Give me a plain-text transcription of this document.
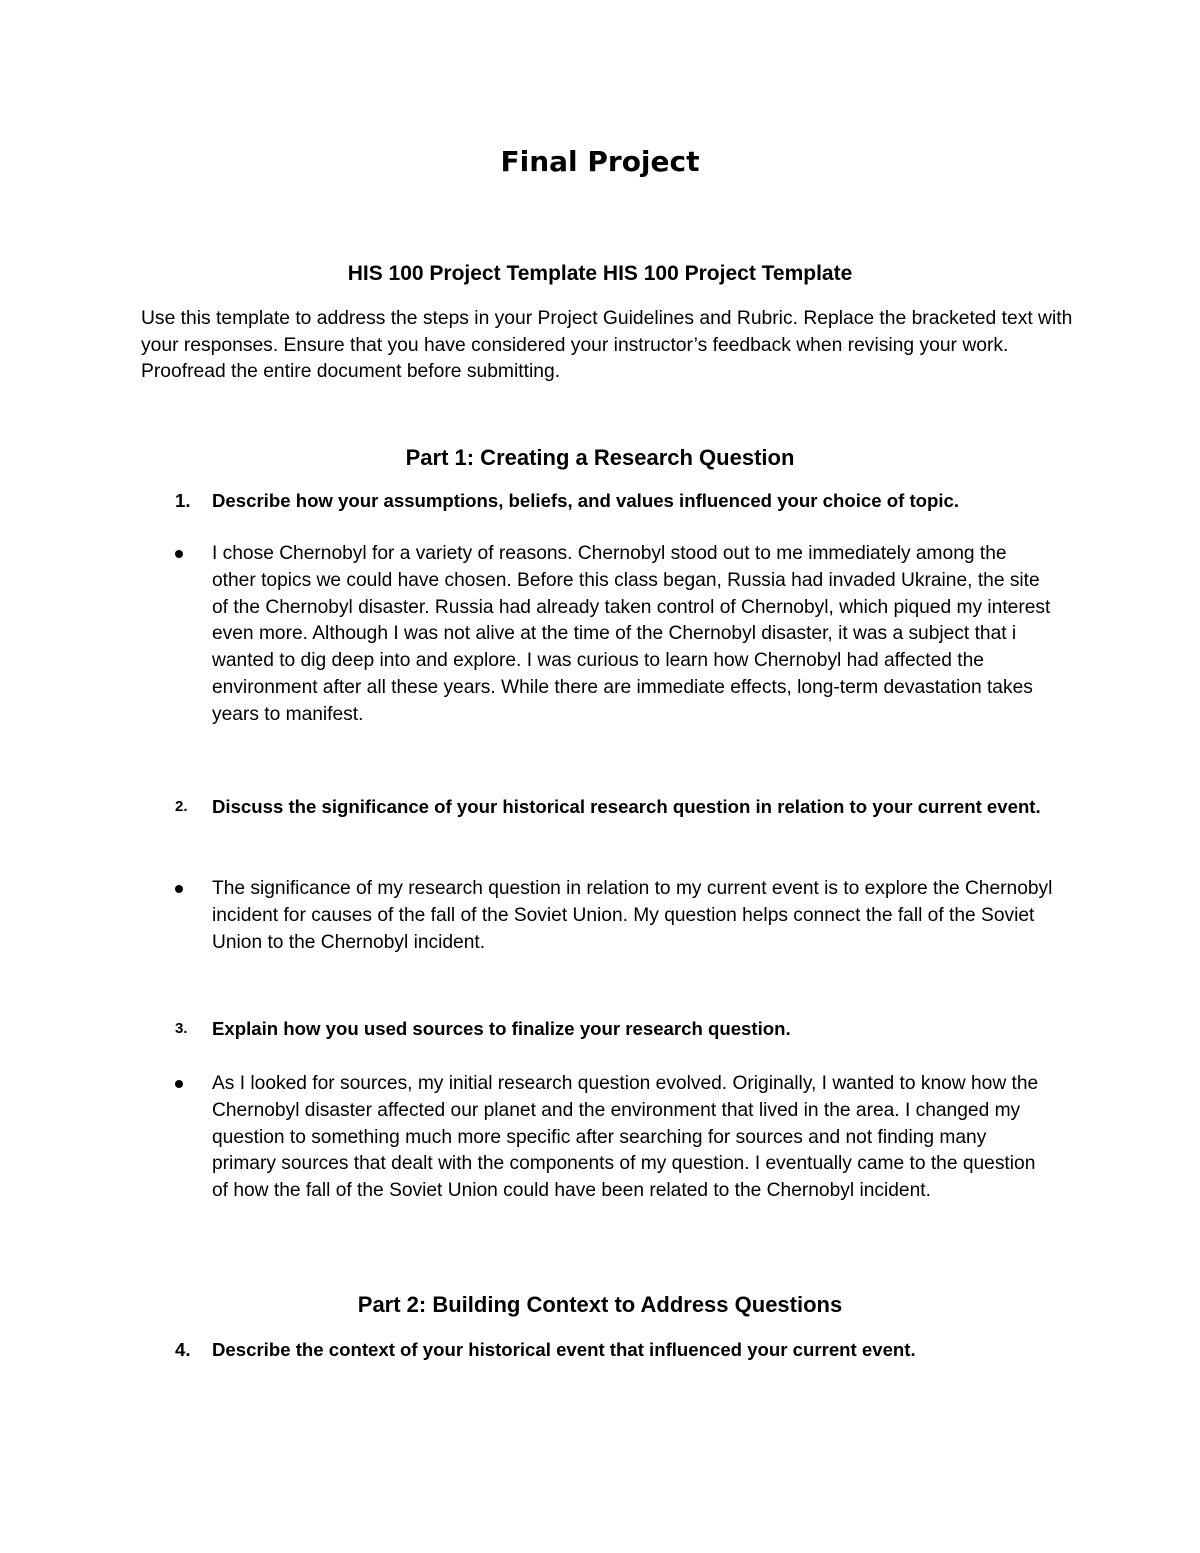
Final Project
HIS 100 Project Template HIS 100 Project Template

Use this template to address the steps in your Project Guidelines and Rubric. Replace the bracketed text with your responses. Ensure that you have considered your instructor’s feedback when revising your work. Proofread the entire document before submitting.

Part 1: Creating a Research Question
1.	Describe how your assumptions, beliefs, and values influenced your choice of topic.
I chose Chernobyl for a variety of reasons. Chernobyl stood out to me immediately among the other topics we could have chosen. Before this class began, Russia had invaded Ukraine, the site of the Chernobyl disaster. Russia had already taken control of Chernobyl, which piqued my interest even more. Although I was not alive at the time of the Chernobyl disaster, it was a subject that i wanted to dig deep into and explore. I was curious to learn how Chernobyl had affected the environment after all these years. While there are immediate effects, long-term devastation takes years to manifest.
2.	Discuss the significance of your historical research question in relation to your current event.
The significance of my research question in relation to my current event is to explore the Chernobyl incident for causes of the fall of the Soviet Union. My question helps connect the fall of the Soviet Union to the Chernobyl incident.
3.	Explain how you used sources to finalize your research question.
As I looked for sources, my initial research question evolved. Originally, I wanted to know how the Chernobyl disaster affected our planet and the environment that lived in the area. I changed my question to something much more specific after searching for sources and not finding many primary sources that dealt with the components of my question. I eventually came to the question of how the fall of the Soviet Union could have been related to the Chernobyl incident.
Part 2: Building Context to Address Questions
4.	Describe the context of your historical event that influenced your current event.
